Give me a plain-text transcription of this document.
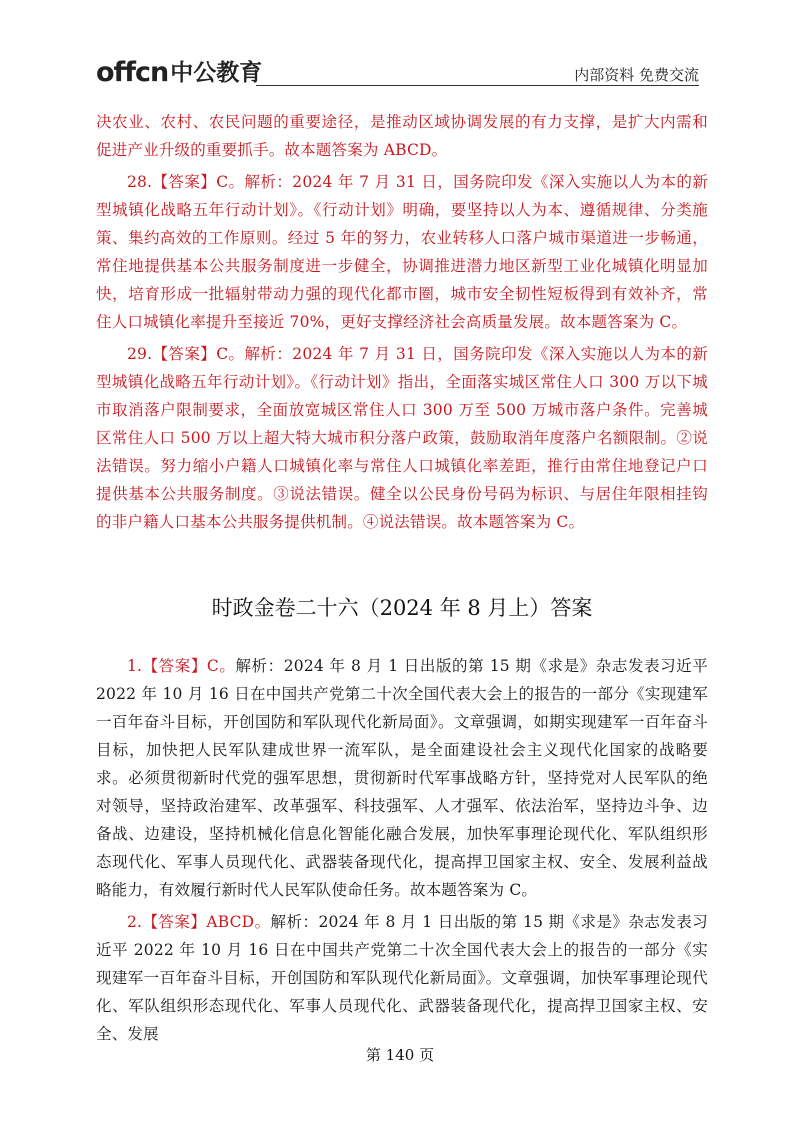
offcn 中公教育	内部资料 免费交流

决农业、农村、农民问题的重要途径，是推动区域协调发展的有力支撑，是扩大内需和促进产业升级的重要抓手。故本题答案为 ABCD。

28.【答案】C。解析：2024 年 7 月 31 日，国务院印发《深入实施以人为本的新型城镇化战略五年行动计划》。《行动计划》明确，要坚持以人为本、遵循规律、分类施策、集约高效的工作原则。经过 5 年的努力，农业转移人口落户城市渠道进一步畅通，常住地提供基本公共服务制度进一步健全，协调推进潜力地区新型工业化城镇化明显加快，培育形成一批辐射带动力强的现代化都市圈，城市安全韧性短板得到有效补齐，常住人口城镇化率提升至接近 70%，更好支撑经济社会高质量发展。故本题答案为 C。

29.【答案】C。解析：2024 年 7 月 31 日，国务院印发《深入实施以人为本的新型城镇化战略五年行动计划》。《行动计划》指出，全面落实城区常住人口 300 万以下城市取消落户限制要求，全面放宽城区常住人口 300 万至 500 万城市落户条件。完善城区常住人口 500 万以上超大特大城市积分落户政策，鼓励取消年度落户名额限制。②说法错误。努力缩小户籍人口城镇化率与常住人口城镇化率差距，推行由常住地登记户口提供基本公共服务制度。③说法错误。健全以公民身份号码为标识、与居住年限相挂钩的非户籍人口基本公共服务提供机制。④说法错误。故本题答案为 C。

时政金卷二十六（2024 年 8 月上）答案

1.【答案】C。解析：2024 年 8 月 1 日出版的第 15 期《求是》杂志发表习近平 2022 年 10 月 16 日在中国共产党第二十次全国代表大会上的报告的一部分《实现建军一百年奋斗目标，开创国防和军队现代化新局面》。文章强调，如期实现建军一百年奋斗目标，加快把人民军队建成世界一流军队，是全面建设社会主义现代化国家的战略要求。必须贯彻新时代党的强军思想，贯彻新时代军事战略方针，坚持党对人民军队的绝对领导，坚持政治建军、改革强军、科技强军、人才强军、依法治军，坚持边斗争、边备战、边建设，坚持机械化信息化智能化融合发展，加快军事理论现代化、军队组织形态现代化、军事人员现代化、武器装备现代化，提高捍卫国家主权、安全、发展利益战略能力，有效履行新时代人民军队使命任务。故本题答案为 C。

2.【答案】ABCD。解析：2024 年 8 月 1 日出版的第 15 期《求是》杂志发表习近平 2022 年 10 月 16 日在中国共产党第二十次全国代表大会上的报告的一部分《实现建军一百年奋斗目标，开创国防和军队现代化新局面》。文章强调，加快军事理论现代化、军队组织形态现代化、军事人员现代化、武器装备现代化，提高捍卫国家主权、安全、发展

第 140 页
